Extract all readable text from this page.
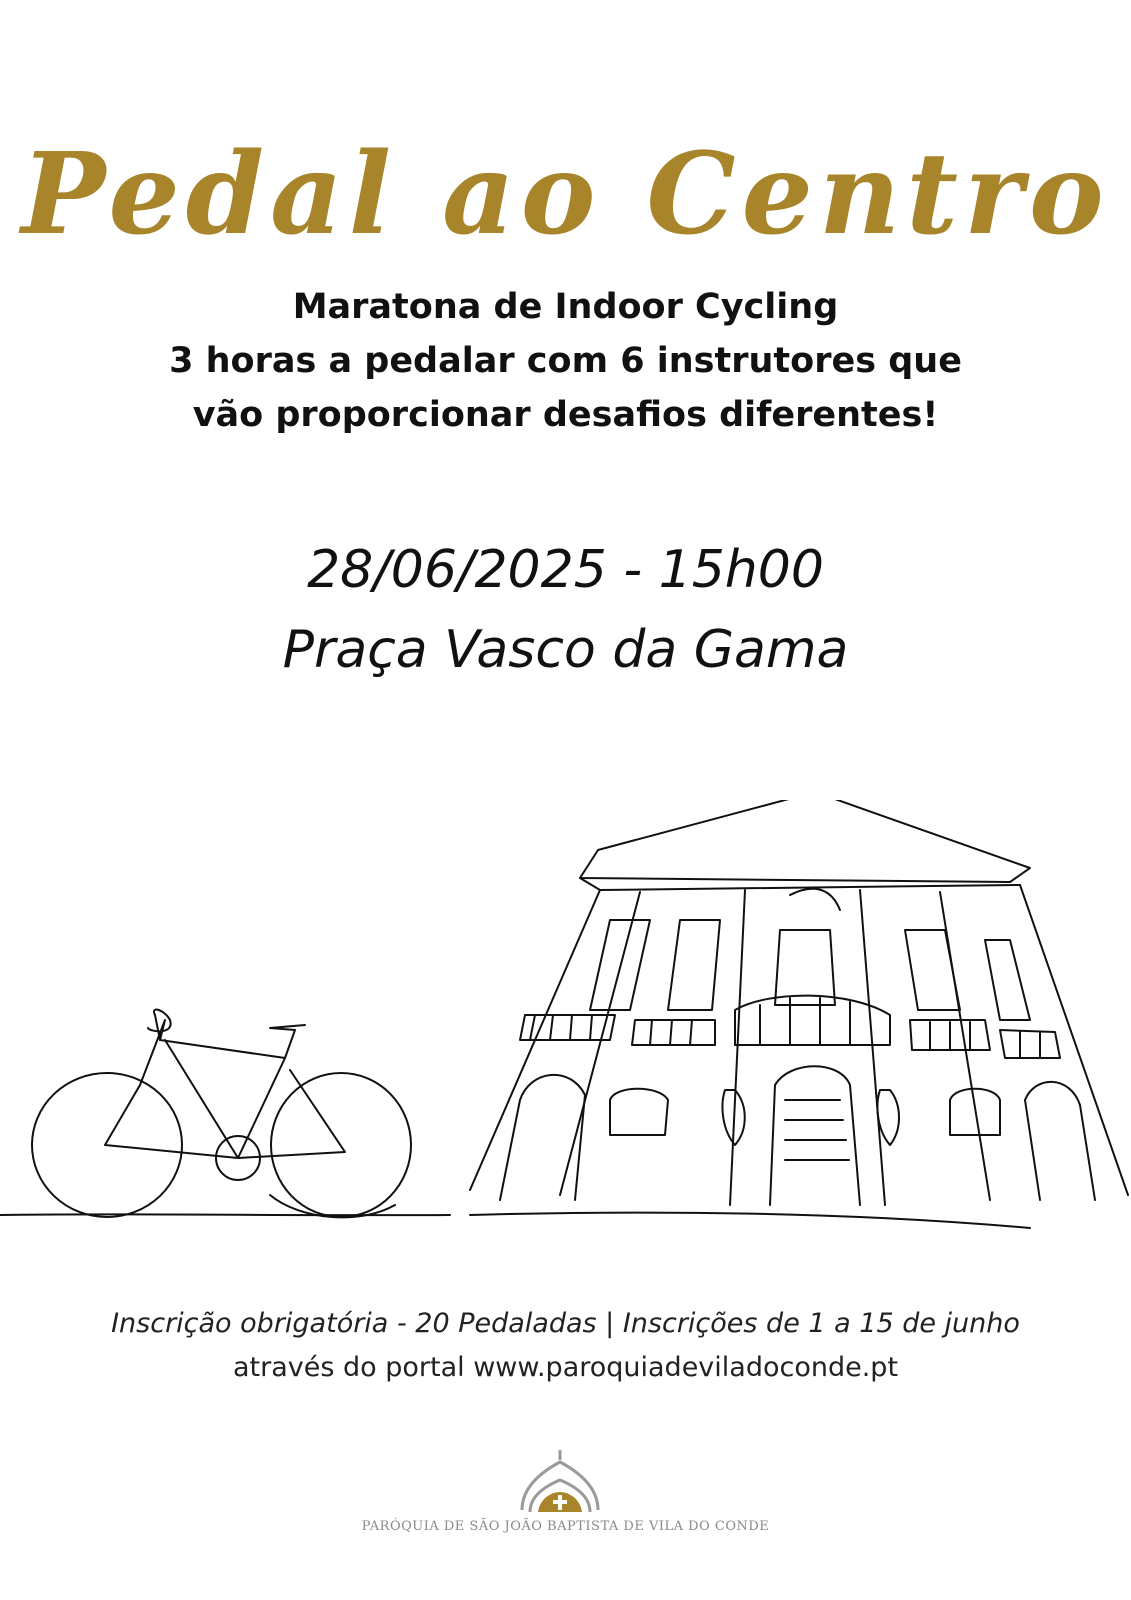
Pedal ao Centro
Maratona de Indoor Cycling
3 horas a pedalar com 6 instrutores que
vão proporcionar desafios diferentes!
28/06/2025 - 15h00
Praça Vasco da Gama
Inscrição obrigatória - 20 Pedaladas | Inscrições de 1 a 15 de junho
através do portal www.paroquiadeviladoconde.pt
PARÓQUIA DE SÃO JOÃO BAPTISTA DE VILA DO CONDE
